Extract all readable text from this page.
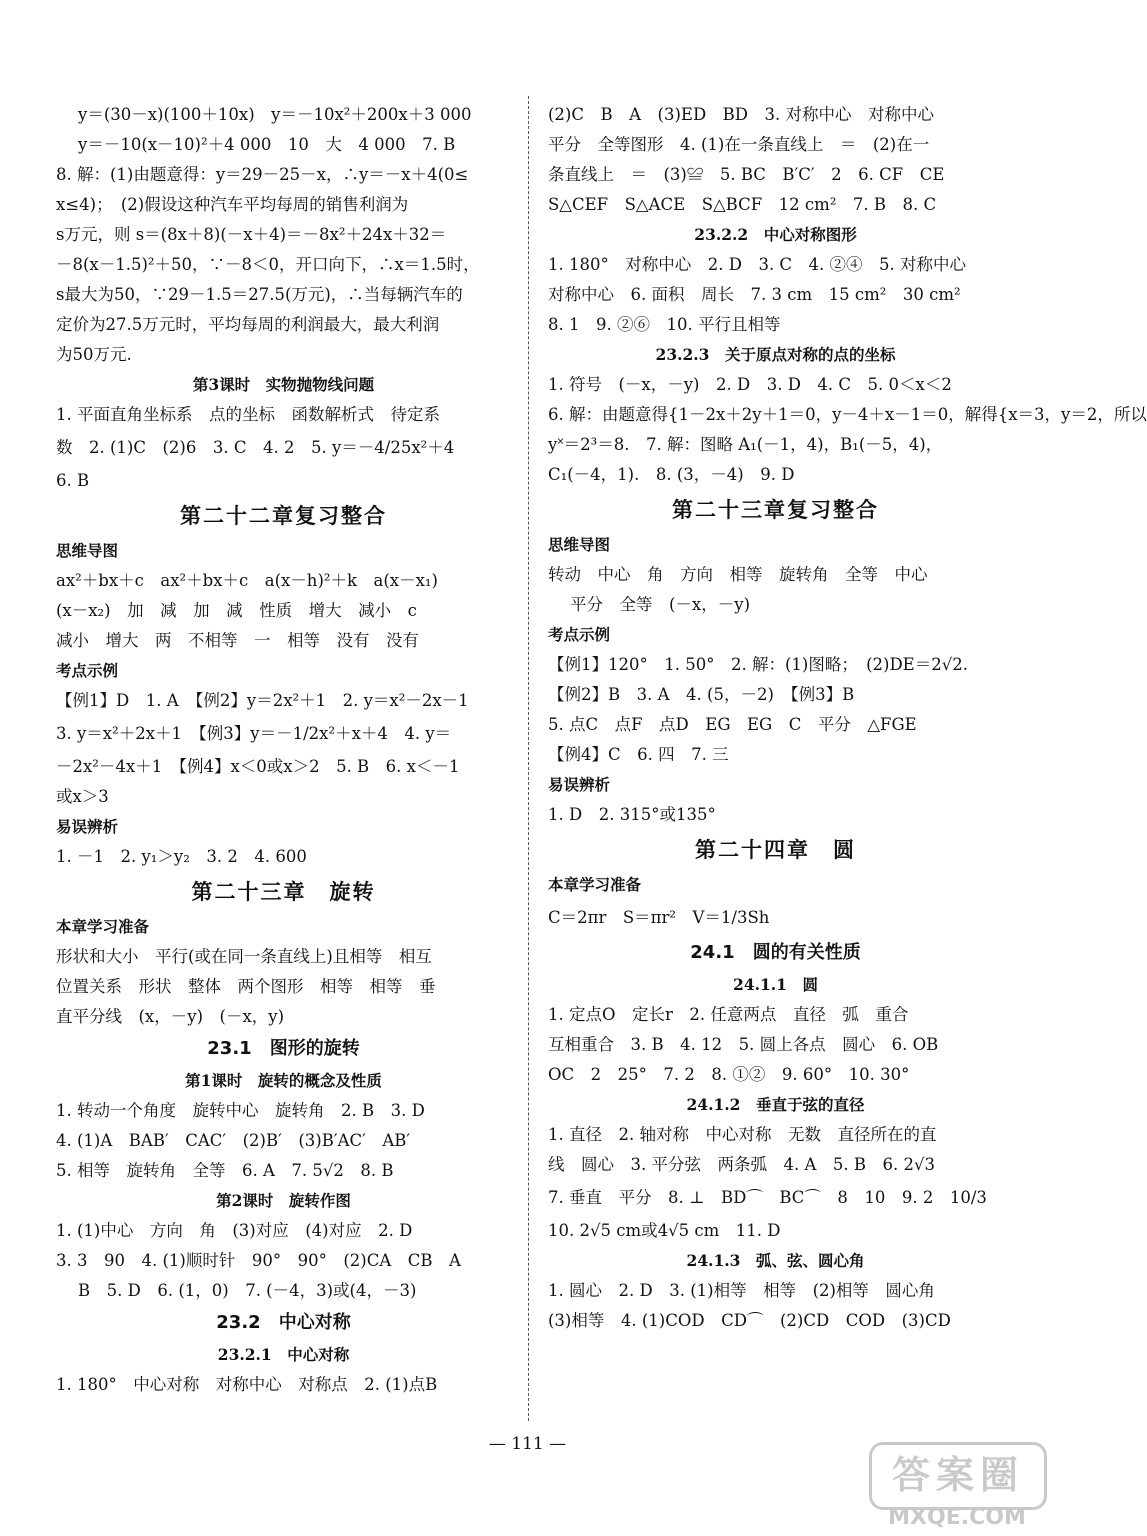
y＝(30－x)(100＋10x)　y＝－10x²＋200x＋3 000
y＝－10(x－10)²＋4 000　10　大　4 000　7. B
8. 解：(1)由题意得：y＝29－25－x，∴y＝－x＋4(0≤
x≤4)；　(2)假设这种汽车平均每周的销售利润为
s万元，则 s＝(8x＋8)(－x＋4)＝－8x²＋24x＋32＝
－8(x－1.5)²＋50，∵－8＜0，开口向下，∴x＝1.5时，
s最大为50，∵29－1.5＝27.5(万元)，∴当每辆汽车的
定价为27.5万元时，平均每周的利润最大，最大利润
为50万元.
第3课时　实物抛物线问题
1. 平面直角坐标系　点的坐标　函数解析式　待定系
数　2. (1)C　(2)6　3. C　4. 2　5. y＝－4/25x²＋4
6. B
第二十二章复习整合
思维导图
ax²＋bx＋c　ax²＋bx＋c　a(x－h)²＋k　a(x－x₁)
(x－x₂)　加　减　加　减　性质　增大　减小　c
减小　增大　两　不相等　一　相等　没有　没有
考点示例
【例1】D　1. A　【例2】y＝2x²＋1　2. y＝x²－2x－1
3. y＝x²＋2x＋1　【例3】y＝－1/2x²＋x＋4　4. y＝
－2x²－4x＋1　【例4】x＜0或x＞2　5. B　6. x＜－1
或x＞3
易误辨析
1. －1　2. y₁＞y₂　3. 2　4. 600
第二十三章　旋转
本章学习准备
形状和大小　平行(或在同一条直线上)且相等　相互
位置关系　形状　整体　两个图形　相等　相等　垂
直平分线　(x，－y)　(－x，y)
23.1　图形的旋转
第1课时　旋转的概念及性质
1. 转动一个角度　旋转中心　旋转角　2. B　3. D
4. (1)A　BAB′　CAC′　(2)B′　(3)B′AC′　AB′
5. 相等　旋转角　全等　6. A　7. 5√2　8. B
第2课时　旋转作图
1. (1)中心　方向　角　(3)对应　(4)对应　2. D
3. 3　90　4. (1)顺时针　90°　90°　(2)CA　CB　A
B　5. D　6. (1，0)　7. (－4，3)或(4，－3)
23.2　中心对称
23.2.1　中心对称
1. 180°　中心对称　对称中心　对称点　2. (1)点B
(2)C　B　A　(3)ED　BD　3. 对称中心　对称中心
平分　全等图形　4. (1)在一条直线上　＝　(2)在一
条直线上　＝　(3)≌　5. BC　B′C′　2　6. CF　CE
S△CEF　S△ACE　S△BCF　12 cm²　7. B　8. C
23.2.2　中心对称图形
1. 180°　对称中心　2. D　3. C　4. ②④　5. 对称中心
对称中心　6. 面积　周长　7. 3 cm　15 cm²　30 cm²
8. 1　9. ②⑥　10. 平行且相等
23.2.3　关于原点对称的点的坐标
1. 符号　(－x，－y)　2. D　3. D　4. C　5. 0＜x＜2
6. 解：由题意得{1－2x＋2y＋1＝0，y－4＋x－1＝0，解得{x＝3，y＝2，所以
y˟＝2³＝8.　7. 解：图略 A₁(－1，4)，B₁(－5，4)，
C₁(－4，1).　8. (3，－4)　9. D
第二十三章复习整合
思维导图
转动　中心　角　方向　相等　旋转角　全等　中心
平分　全等　(－x，－y)
考点示例
【例1】120°　1. 50°　2. 解：(1)图略；　(2)DE＝2√2.
【例2】B　3. A　4. (5，－2)　【例3】B
5. 点C　点F　点D　EG　EG　C　平分　△FGE
【例4】C　6. 四　7. 三
易误辨析
1. D　2. 315°或135°
第二十四章　圆
本章学习准备
C＝2πr　S＝πr²　V＝1/3Sh
24.1　圆的有关性质
24.1.1　圆
1. 定点O　定长r　2. 任意两点　直径　弧　重合
互相重合　3. B　4. 12　5. 圆上各点　圆心　6. OB
OC　2　25°　7. 2　8. ①②　9. 60°　10. 30°
24.1.2　垂直于弦的直径
1. 直径　2. 轴对称　中心对称　无数　直径所在的直
线　圆心　3. 平分弦　两条弧　4. A　5. B　6. 2√3
7. 垂直　平分　8. ⊥　BD⌒　BC⌒　8　10　9. 2　10/3
10. 2√5 cm或4√5 cm　11. D
24.1.3　弧、弦、圆心角
1. 圆心　2. D　3. (1)相等　相等　(2)相等　圆心角
(3)相等　4. (1)COD　CD⌒　(2)CD　COD　(3)CD
— 111 —
答案圈
MXQE.COM
